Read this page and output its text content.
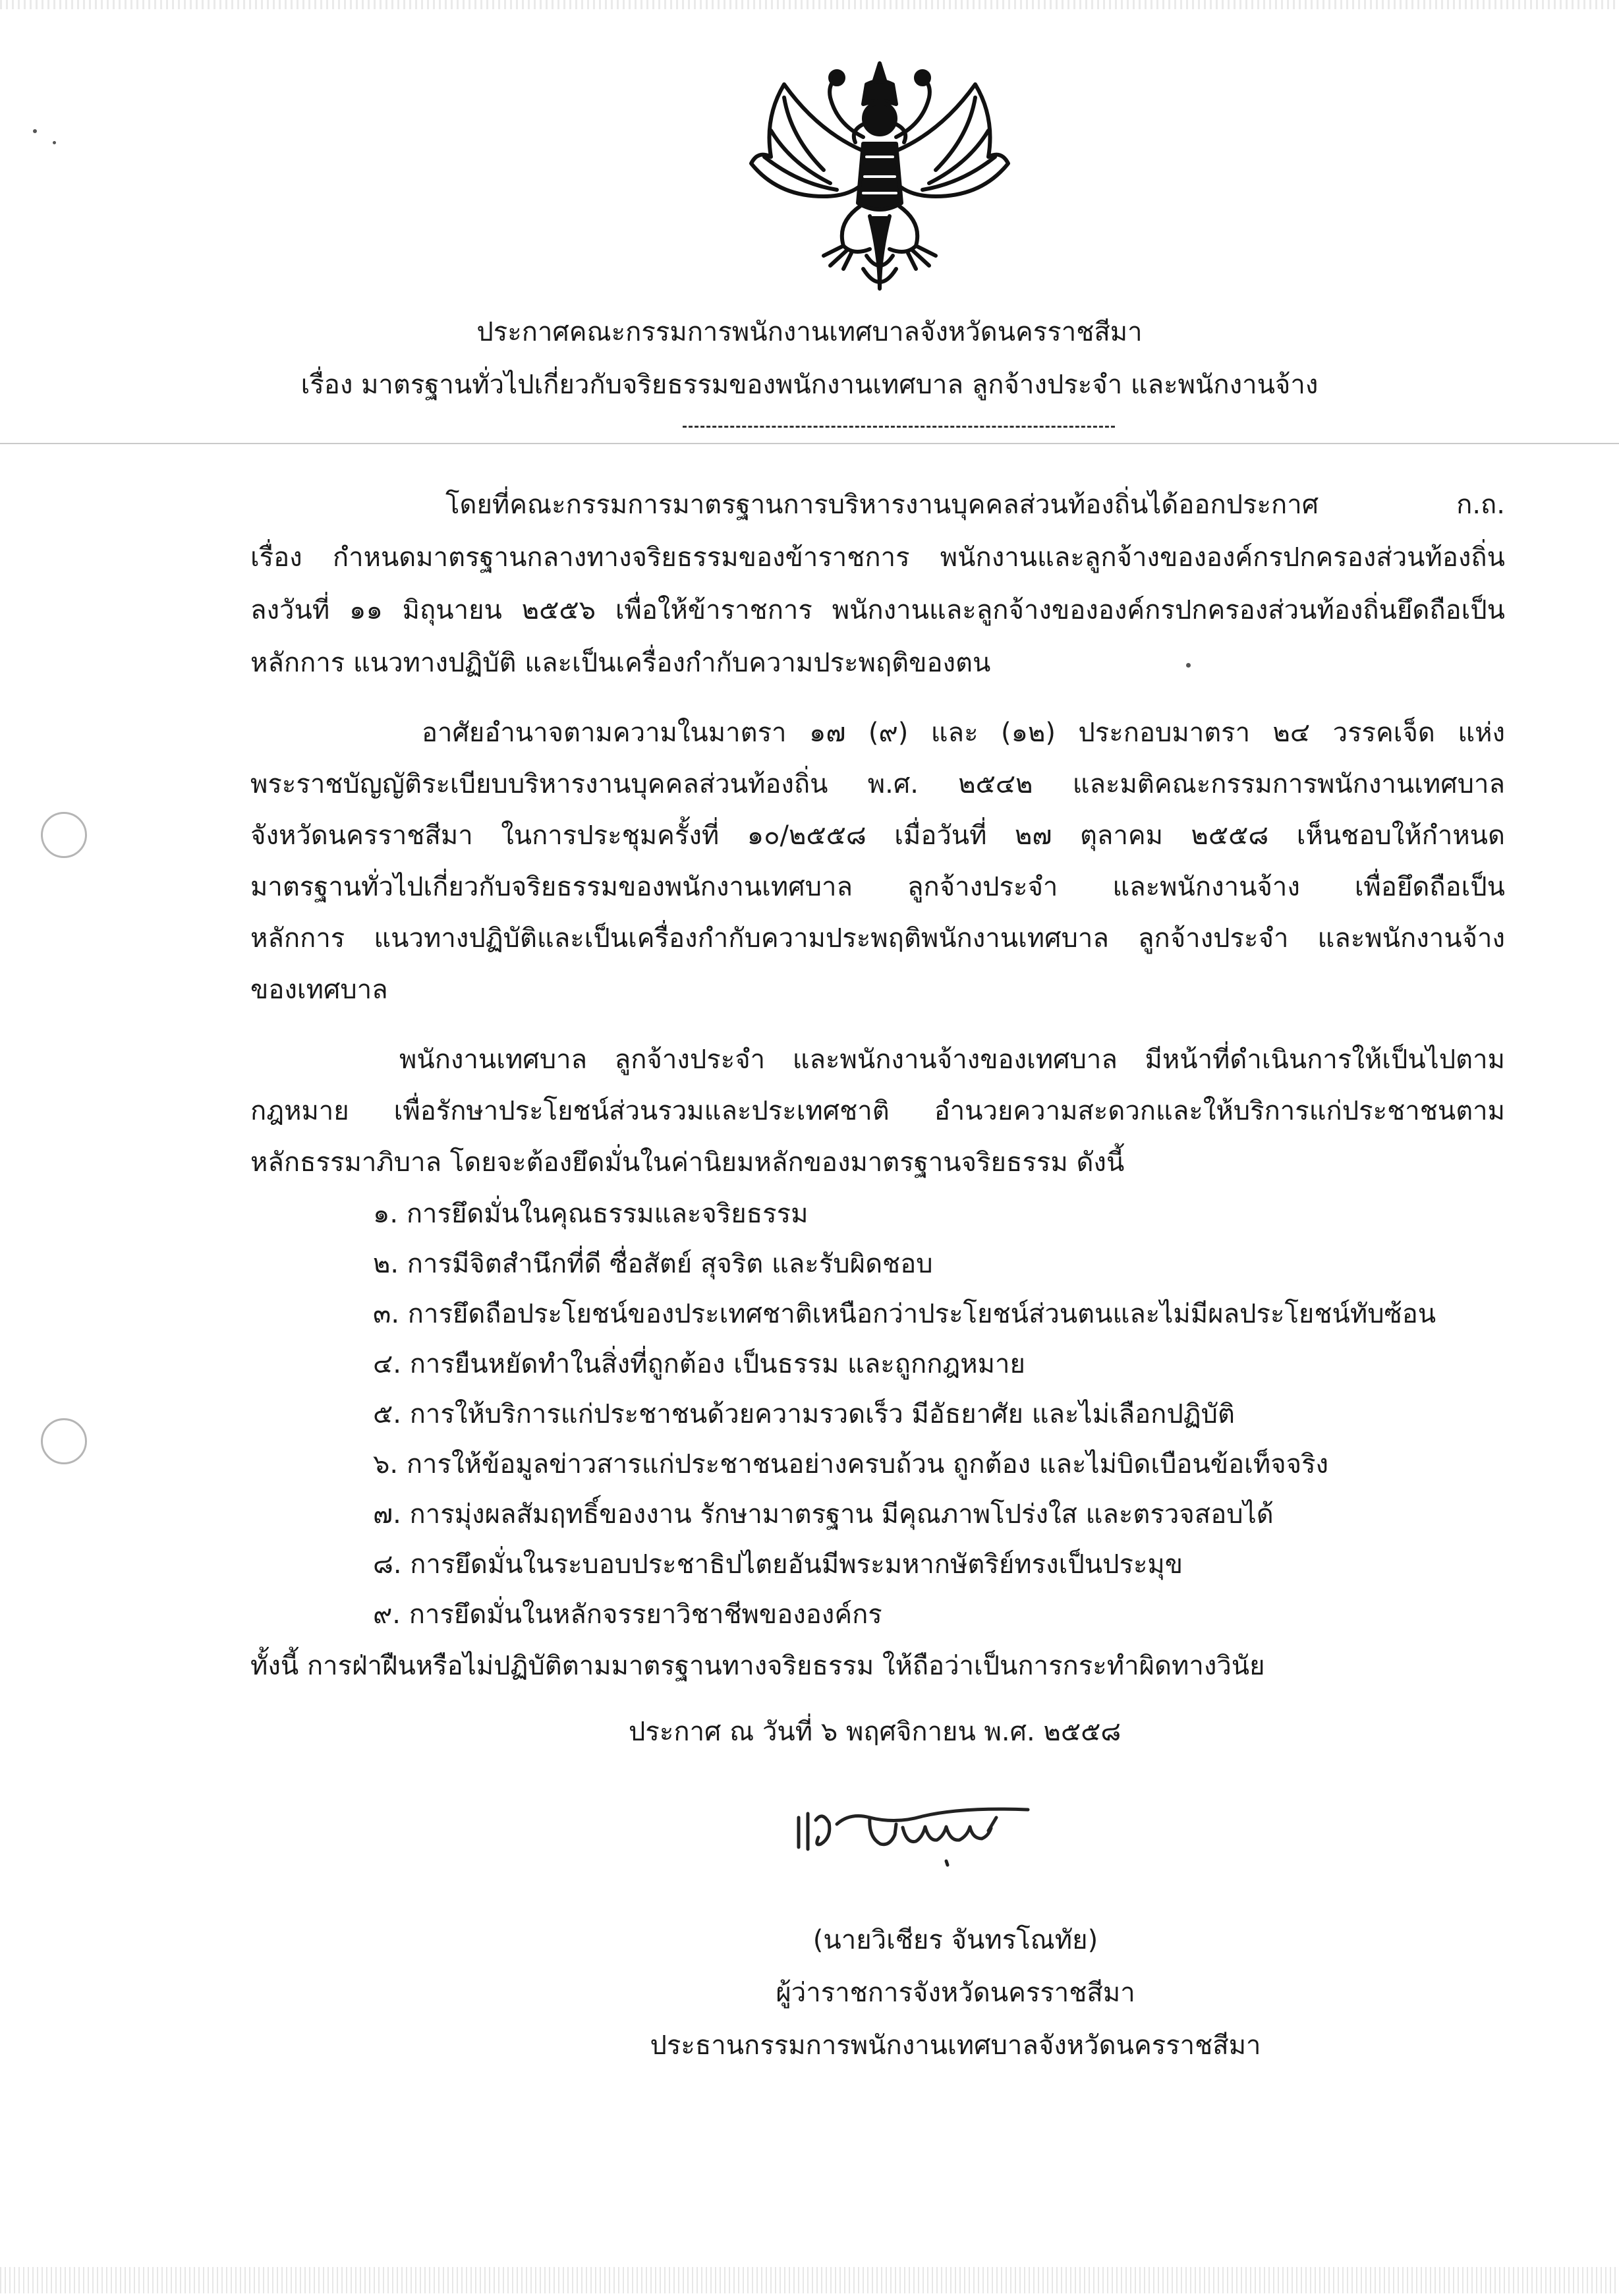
ประกาศคณะกรรมการพนักงานเทศบาลจังหวัดนครราชสีมา
เรื่อง มาตรฐานทั่วไปเกี่ยวกับจริยธรรมของพนักงานเทศบาล ลูกจ้างประจำ และพนักงานจ้าง
โดยที่คณะกรรมการมาตรฐานการบริหารงานบุคคลส่วนท้องถิ่นได้ออกประกาศ ก.ถ.
เรื่อง กำหนดมาตรฐานกลางทางจริยธรรมของข้าราชการ พนักงานและลูกจ้างขององค์กรปกครองส่วนท้องถิ่น
ลงวันที่ ๑๑ มิถุนายน ๒๕๕๖ เพื่อให้ข้าราชการ พนักงานและลูกจ้างขององค์กรปกครองส่วนท้องถิ่นยึดถือเป็น
หลักการ แนวทางปฏิบัติ และเป็นเครื่องกำกับความประพฤติของตน
อาศัยอำนาจตามความในมาตรา ๑๗ (๙) และ (๑๒) ประกอบมาตรา ๒๔ วรรคเจ็ด แห่ง
พระราชบัญญัติระเบียบบริหารงานบุคคลส่วนท้องถิ่น พ.ศ. ๒๕๔๒ และมติคณะกรรมการพนักงานเทศบาล
จังหวัดนครราชสีมา ในการประชุมครั้งที่ ๑๐/๒๕๕๘ เมื่อวันที่ ๒๗ ตุลาคม ๒๕๕๘ เห็นชอบให้กำหนด
มาตรฐานทั่วไปเกี่ยวกับจริยธรรมของพนักงานเทศบาล ลูกจ้างประจำ และพนักงานจ้าง เพื่อยึดถือเป็น
หลักการ แนวทางปฏิบัติและเป็นเครื่องกำกับความประพฤติพนักงานเทศบาล ลูกจ้างประจำ และพนักงานจ้าง
ของเทศบาล
พนักงานเทศบาล ลูกจ้างประจำ และพนักงานจ้างของเทศบาล มีหน้าที่ดำเนินการให้เป็นไปตาม
กฎหมาย เพื่อรักษาประโยชน์ส่วนรวมและประเทศชาติ อำนวยความสะดวกและให้บริการแก่ประชาชนตาม
หลักธรรมาภิบาล โดยจะต้องยึดมั่นในค่านิยมหลักของมาตรฐานจริยธรรม ดังนี้
๑. การยึดมั่นในคุณธรรมและจริยธรรม
๒. การมีจิตสำนึกที่ดี ซื่อสัตย์ สุจริต และรับผิดชอบ
๓. การยึดถือประโยชน์ของประเทศชาติเหนือกว่าประโยชน์ส่วนตนและไม่มีผลประโยชน์ทับซ้อน
๔. การยืนหยัดทำในสิ่งที่ถูกต้อง เป็นธรรม และถูกกฎหมาย
๕. การให้บริการแก่ประชาชนด้วยความรวดเร็ว มีอัธยาศัย และไม่เลือกปฏิบัติ
๖. การให้ข้อมูลข่าวสารแก่ประชาชนอย่างครบถ้วน ถูกต้อง และไม่บิดเบือนข้อเท็จจริง
๗. การมุ่งผลสัมฤทธิ์ของงาน รักษามาตรฐาน มีคุณภาพโปร่งใส และตรวจสอบได้
๘. การยึดมั่นในระบอบประชาธิปไตยอันมีพระมหากษัตริย์ทรงเป็นประมุข
๙. การยึดมั่นในหลักจรรยาวิชาชีพขององค์กร
ทั้งนี้ การฝ่าฝืนหรือไม่ปฏิบัติตามมาตรฐานทางจริยธรรม ให้ถือว่าเป็นการกระทำผิดทางวินัย
ประกาศ ณ วันที่ ๖ พฤศจิกายน พ.ศ. ๒๕๕๘
(นายวิเชียร จันทรโณทัย)
ผู้ว่าราชการจังหวัดนครราชสีมา
ประธานกรรมการพนักงานเทศบาลจังหวัดนครราชสีมา
